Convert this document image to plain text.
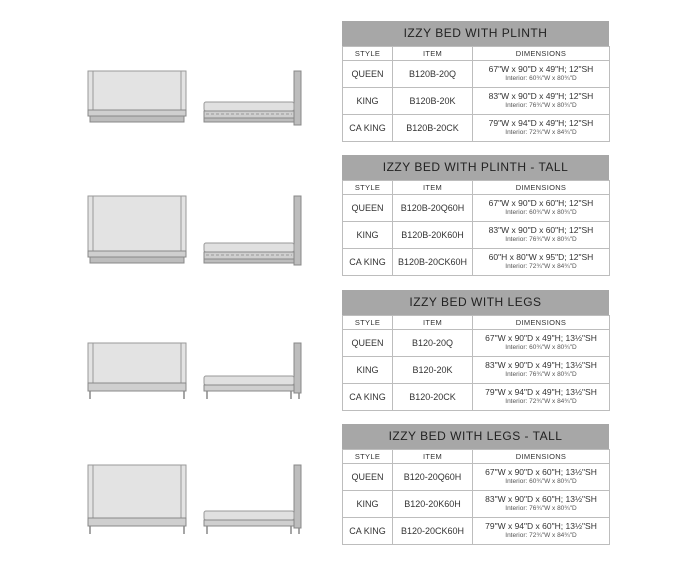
IZZY BED WITH PLINTH
STYLE	ITEM	DIMENSIONS
QUEEN	B120B-20Q	67"W x 90"D x 49"H; 12"SH
Interior: 60¾"W x 80¾"D

KING	B120B-20K	83"W x 90"D x 49"H; 12"SH
Interior: 76¾"W x 80¾"D

CA KING	B120B-20CK	79"W x 94"D x 49"H; 12"SH
Interior: 72¾"W x 84¾"D
IZZY BED WITH PLINTH - TALL
STYLE	ITEM	DIMENSIONS
QUEEN	B120B-20Q60H	67"W x 90"D x 60"H; 12"SH
Interior: 60¾"W x 80¾"D

KING	B120B-20K60H	83"W x 90"D x 60"H; 12"SH
Interior: 76¾"W x 80¾"D

CA KING	B120B-20CK60H	60"H x 80"W x 95"D; 12"SH
Interior: 72¾"W x 84¾"D
IZZY BED WITH LEGS
STYLE	ITEM	DIMENSIONS
QUEEN	B120-20Q	67"W x 90"D x 49"H; 13½"SH
Interior: 60¾"W x 80¾"D

KING	B120-20K	83"W x 90"D x 49"H; 13½"SH
Interior: 76¾"W x 80¾"D

CA KING	B120-20CK	79"W x 94"D x 49"H; 13½"SH
Interior: 72¾"W x 84¾"D
IZZY BED WITH LEGS - TALL
STYLE	ITEM	DIMENSIONS
QUEEN	B120-20Q60H	67"W x 90"D x 60"H; 13½"SH
Interior: 60¾"W x 80¾"D

KING	B120-20K60H	83"W x 90"D x 60"H; 13½"SH
Interior: 76¾"W x 80¾"D

CA KING	B120-20CK60H	79"W x 94"D x 60"H; 13½"SH
Interior: 72¾"W x 84¾"D
